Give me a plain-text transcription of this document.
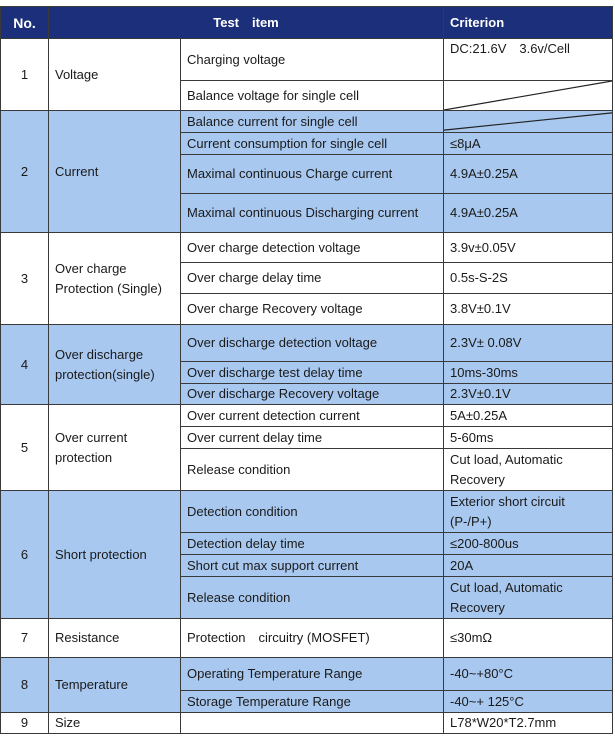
No.	Test　item		Criterion
1	Voltage	Charging voltage	DC:21.6V　3.6v/Cell
		Balance voltage for single cell	

2	Current	Balance current for single cell	

		Current consumption for single cell	≤8μA
		Maximal continuous Charge current	4.9A±0.25A
		Maximal continuous Discharging current	4.9A±0.25A
3	Over charge Protection (Single)	Over charge detection voltage	3.9v±0.05V
		Over charge delay time	0.5s-S-2S
		Over charge Recovery voltage	3.8V±0.1V
4	Over discharge protection(single)	Over discharge detection voltage	2.3V± 0.08V
		Over discharge test delay time	10ms-30ms
		Over discharge Recovery voltage	2.3V±0.1V
5	Over current protection	Over current detection current	5A±0.25A
		Over current delay time	5-60ms
		Release condition	Cut load, Automatic Recovery
6	Short protection	Detection condition	Exterior short circuit (P-/P+)
		Detection delay time	≤200-800us
		Short cut max support current	20A
		Release condition	Cut load, Automatic Recovery
7	Resistance	Protection　circuitry (MOSFET)	≤30mΩ
8	Temperature	Operating Temperature Range	-40~+80°C
		Storage Temperature Range	-40~+ 125°C
9	Size		L78*W20*T2.7mm
